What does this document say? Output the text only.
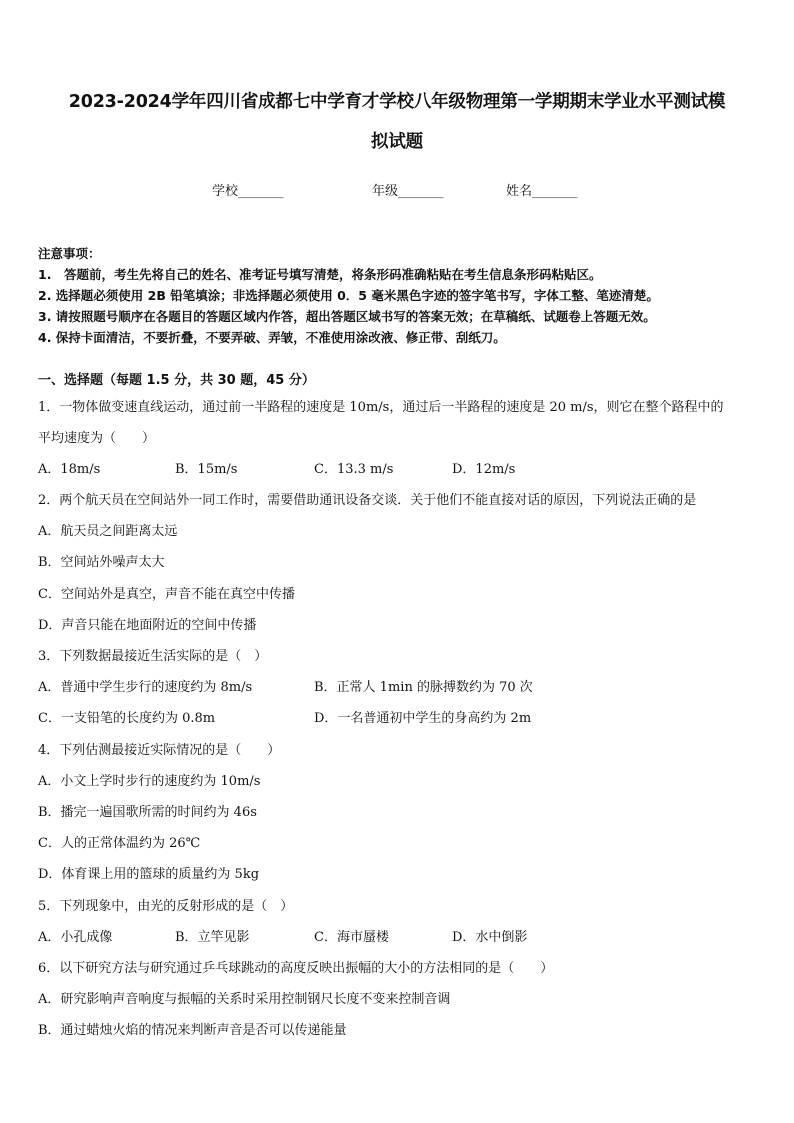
2023-2024学年四川省成都七中学育才学校八年级物理第一学期期末学业水平测试模
拟试题
学校_______	年级_______	姓名_______
注意事项：
1.　答题前，考生先将自己的姓名、准考证号填写清楚，将条形码准确粘贴在考生信息条形码粘贴区。
2. 选择题必须使用 2B 铅笔填涂；非选择题必须使用 0．5 毫米黑色字迹的签字笔书写，字体工整、笔迹清楚。
3. 请按照题号顺序在各题目的答题区域内作答，超出答题区域书写的答案无效；在草稿纸、试题卷上答题无效。
4. 保持卡面清洁，不要折叠，不要弄破、弄皱，不准使用涂改液、修正带、刮纸刀。
一、选择题（每题 1.5 分，共 30 题，45 分）
1．一物体做变速直线运动，通过前一半路程的速度是 10m/s，通过后一半路程的速度是 20 m/s，则它在整个路程中的
平均速度为（　　）
A．18m/s	B．15m/s	C．13.3 m/s	D．12m/s
2．两个航天员在空间站外一同工作时，需要借助通讯设备交谈．关于他们不能直接对话的原因，下列说法正确的是
A．航天员之间距离太远
B．空间站外噪声太大
C．空间站外是真空，声音不能在真空中传播
D．声音只能在地面附近的空间中传播
3．下列数据最接近生活实际的是（　）
A．普通中学生步行的速度约为 8m/s	B．正常人 1min 的脉搏数约为 70 次
C．一支铅笔的长度约为 0.8m	D．一名普通初中学生的身高约为 2m
4．下列估测最接近实际情况的是（　　）
A．小文上学时步行的速度约为 10m/s
B．播完一遍国歌所需的时间约为 46s
C．人的正常体温约为 26℃
D．体育课上用的篮球的质量约为 5kg
5．下列现象中，由光的反射形成的是（　）
A．小孔成像	B．立竿见影	C．海市蜃楼	D．水中倒影
6．以下研究方法与研究通过乒乓球跳动的高度反映出振幅的大小的方法相同的是（　　）
A．研究影响声音响度与振幅的关系时采用控制钢尺长度不变来控制音调
B．通过蜡烛火焰的情况来判断声音是否可以传递能量
